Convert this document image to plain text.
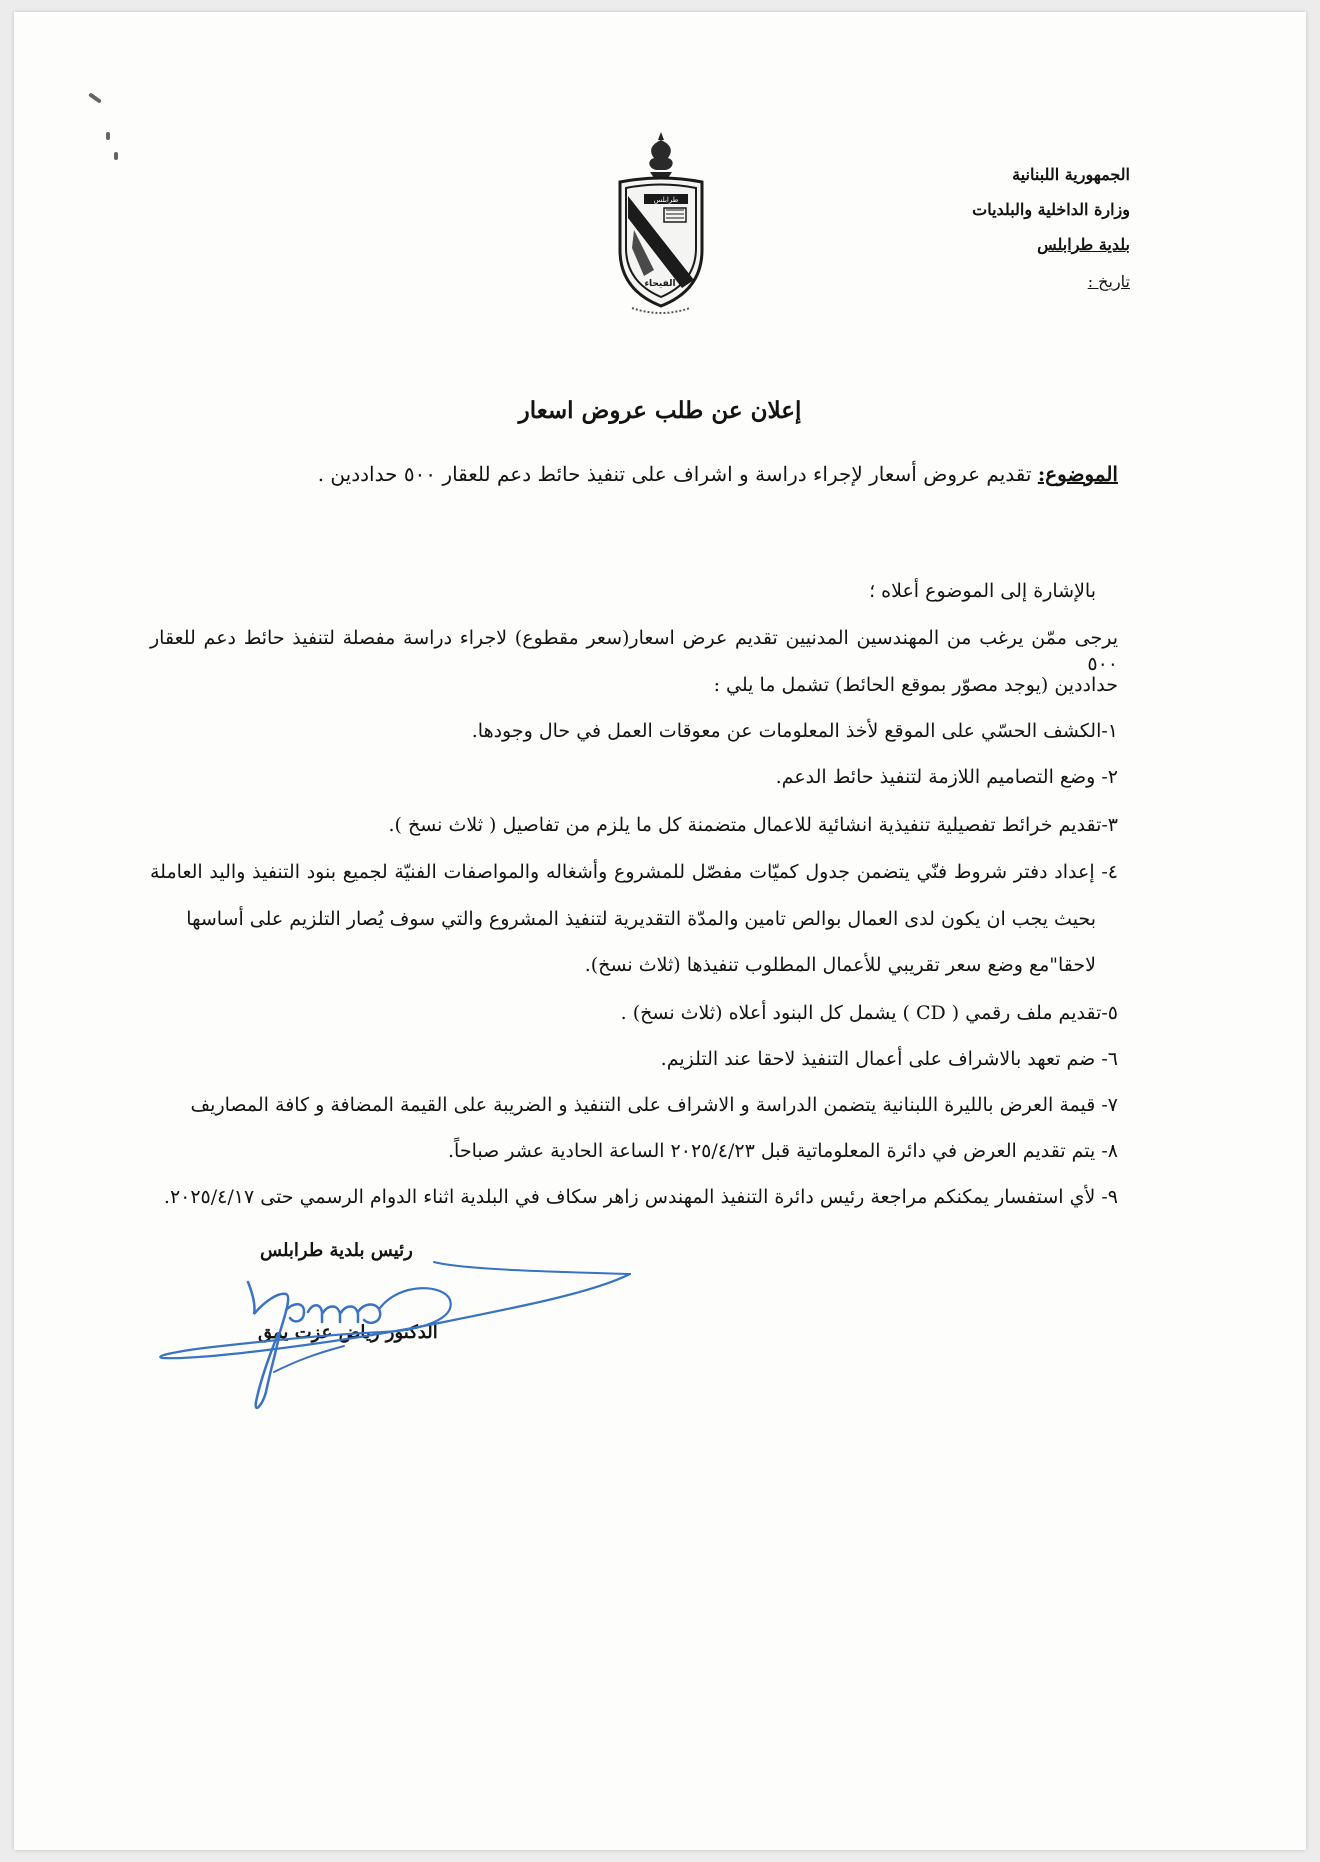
الجمهورية اللبنانية
وزارة الداخلية والبلديات
بلدية طرابلس
تاريخ :
طرابلس
الفيحاء
إعلان عن طلب عروض اسعار
الموضوع: تقديم عروض أسعار لإجراء دراسة و اشراف على تنفيذ حائط دعم للعقار ٥٠٠ حداددين .
بالإشارة إلى الموضوع أعلاه ؛
يرجى ممّن يرغب من المهندسين المدنيين تقديم عرض اسعار(سعر مقطوع) لاجراء دراسة مفصلة لتنفيذ حائط دعم للعقار ٥٠٠
حداددين (يوجد مصوّر بموقع الحائط) تشمل ما يلي :
١-الكشف الحسّي على الموقع لأخذ المعلومات عن معوقات العمل في حال وجودها.
٢- وضع التصاميم اللازمة لتنفيذ حائط الدعم.
٣-تقديم خرائط تفصيلية تنفيذية انشائية للاعمال متضمنة كل ما يلزم من تفاصيل ( ثلاث نسخ ).
٤- إعداد دفتر شروط فنّي يتضمن جدول كميّات مفصّل للمشروع وأشغاله والمواصفات الفنيّة لجميع بنود التنفيذ واليد العاملة
بحيث يجب ان يكون لدى العمال بوالص تامين والمدّة التقديرية لتنفيذ المشروع والتي سوف يُصار التلزيم على أساسها
لاحقا"مع وضع سعر تقريبي للأعمال المطلوب تنفيذها (ثلاث نسخ).
٥-تقديم ملف رقمي ( CD ) يشمل كل البنود أعلاه (ثلاث نسخ) .
٦- ضم تعهد بالاشراف على أعمال التنفيذ لاحقا عند التلزيم.
٧- قيمة العرض بالليرة اللبنانية يتضمن الدراسة و الاشراف على التنفيذ و الضريبة على القيمة المضافة و كافة المصاريف
٨- يتم تقديم العرض في دائرة المعلوماتية قبل ٢٠٢٥/٤/٢٣ الساعة الحادية عشر صباحاً.
٩- لأي استفسار يمكنكم مراجعة رئيس دائرة التنفيذ المهندس زاهر سكاف في البلدية اثناء الدوام الرسمي حتى ٢٠٢٥/٤/١٧.
رئيس بلدية طرابلس
الدكتور رياض عزت يمق
